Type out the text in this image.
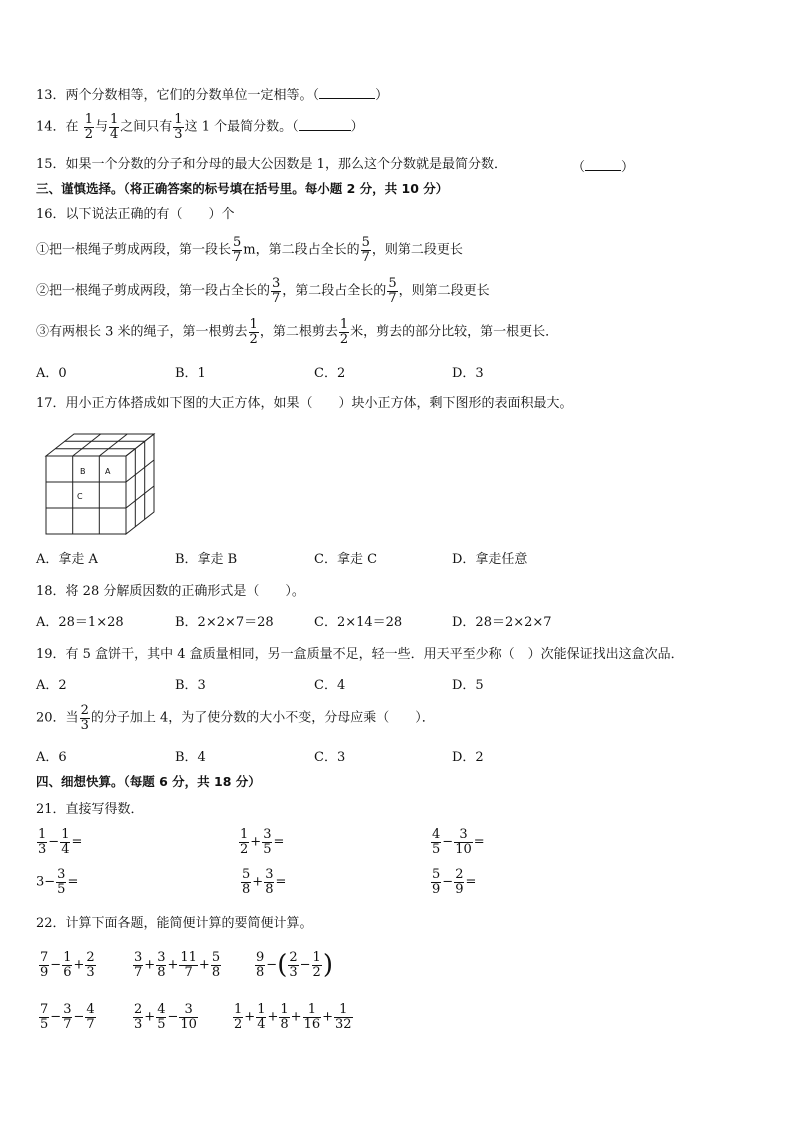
13．两个分数相等，它们的分数单位一定相等。（	）
14．在 $\frac{1}{2}$ 与 $\frac{1}{4}$ 之间只有 $\frac{1}{3}$ 这 1 个最简分数。（	）
15．如果一个分数的分子和分母的最大公因数是 1，那么这个分数就是最简分数．	（	）
三、谨慎选择。（将正确答案的标号填在括号里。每小题 2 分，共 10 分）
16．以下说法正确的有（　　）个
①把一根绳子剪成两段，第一段长 $\frac{5}{7}$ m，第二段占全长的 $\frac{5}{7}$ ，则第二段更长
②把一根绳子剪成两段，第一段占全长的 $\frac{3}{7}$ ，第二段占全长的 $\frac{5}{7}$ ，则第二段更长
③有两根长 3 米的绳子，第一根剪去 $\frac{1}{2}$ ，第二根剪去 $\frac{1}{2}$ 米，剪去的部分比较，第一根更长．
A．0	B．1	C．2	D．3
17．用小正方体搭成如下图的大正方体，如果（　　）块小正方体，剩下图形的表面积最大。
B A
C
A．拿走 A	B．拿走 B	C．拿走 C	D．拿走任意
18．将 28 分解质因数的正确形式是（　　）。
A．28＝1×28	B．2×2×7＝28	C．2×14＝28	D．28＝2×2×7
19．有 5 盒饼干，其中 4 盒质量相同，另一盒质量不足，轻一些．用天平至少称（　）次能保证找出这盒次品．
A．2	B．3	C．4	D．5
20．当 $\frac{2}{3}$ 的分子加上 4，为了使分数的大小不变，分母应乘（　　）．
A．6	B．4	C．3	D．2
四、细想快算。（每题 6 分，共 18 分）
21．直接写得数．
$\frac{1}{3} - \frac{1}{4}$ =	$\frac{1}{2} + \frac{3}{5}$ =	$\frac{4}{5} - \frac{3}{10}$ =
$3- \frac{3}{5}$ =	$\frac{5}{8} + \frac{3}{8}$ =	$\frac{5}{9} - \frac{2}{9}$ =
22．计算下面各题，能简便计算的要简便计算。
$\frac{7}{9} - \frac{1}{6} + \frac{2}{3}$	$\frac{3}{7} + \frac{3}{8} + \frac{11}{7} + \frac{5}{8}$	$\frac{9}{8}$ −( $\frac{2}{3} - \frac{1}{2}$ )
$\frac{7}{5} - \frac{3}{7} - \frac{4}{7}$	$\frac{2}{3} + \frac{4}{5} - \frac{3}{10}$	$\frac{1}{2} + \frac{1}{4} + \frac{1}{8} + \frac{1}{16} + \frac{1}{32}$
